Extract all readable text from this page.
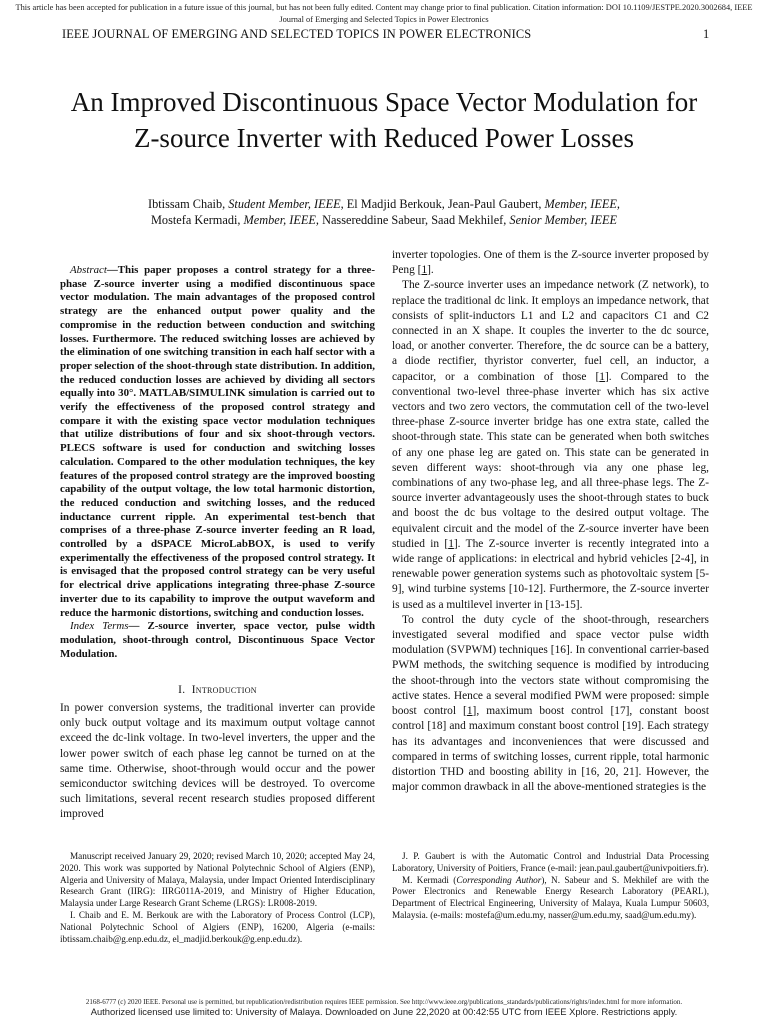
This article has been accepted for publication in a future issue of this journal, but has not been fully edited. Content may change prior to final publication. Citation information: DOI 10.1109/JESTPE.2020.3002684, IEEE Journal of Emerging and Selected Topics in Power Electronics
IEEE JOURNAL OF EMERGING AND SELECTED TOPICS IN POWER ELECTRONICS	1
An Improved Discontinuous Space Vector Modulation for Z-source Inverter with Reduced Power Losses
Ibtissam Chaib, Student Member, IEEE, El Madjid Berkouk, Jean-Paul Gaubert, Member, IEEE,
Mostefa Kermadi, Member, IEEE, Nassereddine Sabeur, Saad Mekhilef, Senior Member, IEEE

Abstract—This paper proposes a control strategy for a three-phase Z-source inverter using a modified discontinuous space vector modulation. The main advantages of the proposed control strategy are the enhanced output power quality and the compromise in the reduction between conduction and switching losses. Furthermore. The reduced switching losses are achieved by the elimination of one switching transition in each half sector with a proper selection of the shoot-through state distribution. In addition, the reduced conduction losses are achieved by dividing all sectors equally into 30°. MATLAB/SIMULINK simulation is carried out to verify the effectiveness of the proposed control strategy and compare it with the existing space vector modulation techniques that utilize distributions of four and six shoot-through vectors. PLECS software is used for conduction and switching losses calculation. Compared to the other modulation techniques, the key features of the proposed control strategy are the improved boosting capability of the output voltage, the low total harmonic distortion, the reduced conduction and switching losses, and the reduced inductance current ripple. An experimental test-bench that comprises of a three-phase Z-source inverter feeding an R load, controlled by a dSPACE MicroLabBOX, is used to verify experimentally the effectiveness of the proposed control strategy. It is envisaged that the proposed control strategy can be very useful for electrical drive applications integrating three-phase Z-source inverter due to its capability to improve the output waveform and reduce the harmonic distortions, switching and conduction losses.

Index Terms— Z-source inverter, space vector, pulse width modulation, shoot-through control, Discontinuous Space Vector Modulation.

I. Introduction
In power conversion systems, the traditional inverter can provide only buck output voltage and its maximum output voltage cannot exceed the dc-link voltage. In two-level inverters, the upper and the lower power switch of each phase leg cannot be turned on at the same time. Otherwise, shoot-through would occur and the power semiconductor switching devices will be destroyed. To overcome such limitations, several recent research studies proposed different improved

inverter topologies. One of them is the Z-source inverter proposed by Peng [1].

The Z-source inverter uses an impedance network (Z network), to replace the traditional dc link. It employs an impedance network, that consists of split-inductors L1 and L2 and capacitors C1 and C2 connected in an X shape. It couples the inverter to the dc source, load, or another converter. Therefore, the dc source can be a battery, a diode rectifier, thyristor converter, fuel cell, an inductor, a capacitor, or a combination of those [1]. Compared to the conventional two-level three-phase inverter which has six active vectors and two zero vectors, the commutation cell of the two-level three-phase Z-source inverter bridge has one extra state, called the shoot-through state. This state can be generated when both switches of any one phase leg are gated on. This state can be generated in seven different ways: shoot-through via any one phase leg, combinations of any two-phase leg, and all three-phase legs. The Z-source inverter advantageously uses the shoot-through states to buck and boost the dc bus voltage to the desired output voltage. The equivalent circuit and the model of the Z-source inverter have been studied in [1]. The Z-source inverter is recently integrated into a wide range of applications: in electrical and hybrid vehicles [2-4], in renewable power generation systems such as photovoltaic system [5-9], wind turbine systems [10-12]. Furthermore, the Z-source inverter is used as a multilevel inverter in [13-15].

To control the duty cycle of the shoot-through, researchers investigated several modified and space vector pulse width modulation (SVPWM) techniques [16]. In conventional carrier-based PWM methods, the switching sequence is modified by introducing the shoot-through into the vectors state without compromising the active states. Hence a several modified PWM were proposed: simple boost control [1], maximum boost control [17], constant boost control [18] and maximum constant boost control [19]. Each strategy has its advantages and inconveniences that were discussed and compared in terms of switching losses, current ripple, total harmonic distortion THD and boosting ability in [16, 20, 21]. However, the major common drawback in all the above-mentioned strategies is the

Manuscript received January 29, 2020; revised March 10, 2020; accepted May 24, 2020. This work was supported by National Polytechnic School of Algiers (ENP), Algeria and University of Malaya, Malaysia, under Impact Oriented Interdisciplinary Research Grant (IIRG): IIRG011A-2019, and Ministry of Higher Education, Malaysia under Large Research Grant Scheme (LRGS): LR008-2019.

I. Chaib and E. M. Berkouk are with the Laboratory of Process Control (LCP), National Polytechnic School of Algiers (ENP), 16200, Algeria (e-mails: ibtissam.chaib@g.enp.edu.dz, el_madjid.berkouk@g.enp.edu.dz).

J. P. Gaubert is with the Automatic Control and Industrial Data Processing Laboratory, University of Poitiers, France (e-mail: jean.paul.gaubert@univpoitiers.fr).

M. Kermadi (Corresponding Author), N. Sabeur and S. Mekhilef are with the Power Electronics and Renewable Energy Research Laboratory (PEARL), Department of Electrical Engineering, University of Malaya, Kuala Lumpur 50603, Malaysia. (e-mails: mostefa@um.edu.my, nasser@um.edu.my, saad@um.edu.my).

2168-6777 (c) 2020 IEEE. Personal use is permitted, but republication/redistribution requires IEEE permission. See http://www.ieee.org/publications_standards/publications/rights/index.html for more information.
Authorized licensed use limited to: University of Malaya. Downloaded on June 22,2020 at 00:42:55 UTC from IEEE Xplore. Restrictions apply.
